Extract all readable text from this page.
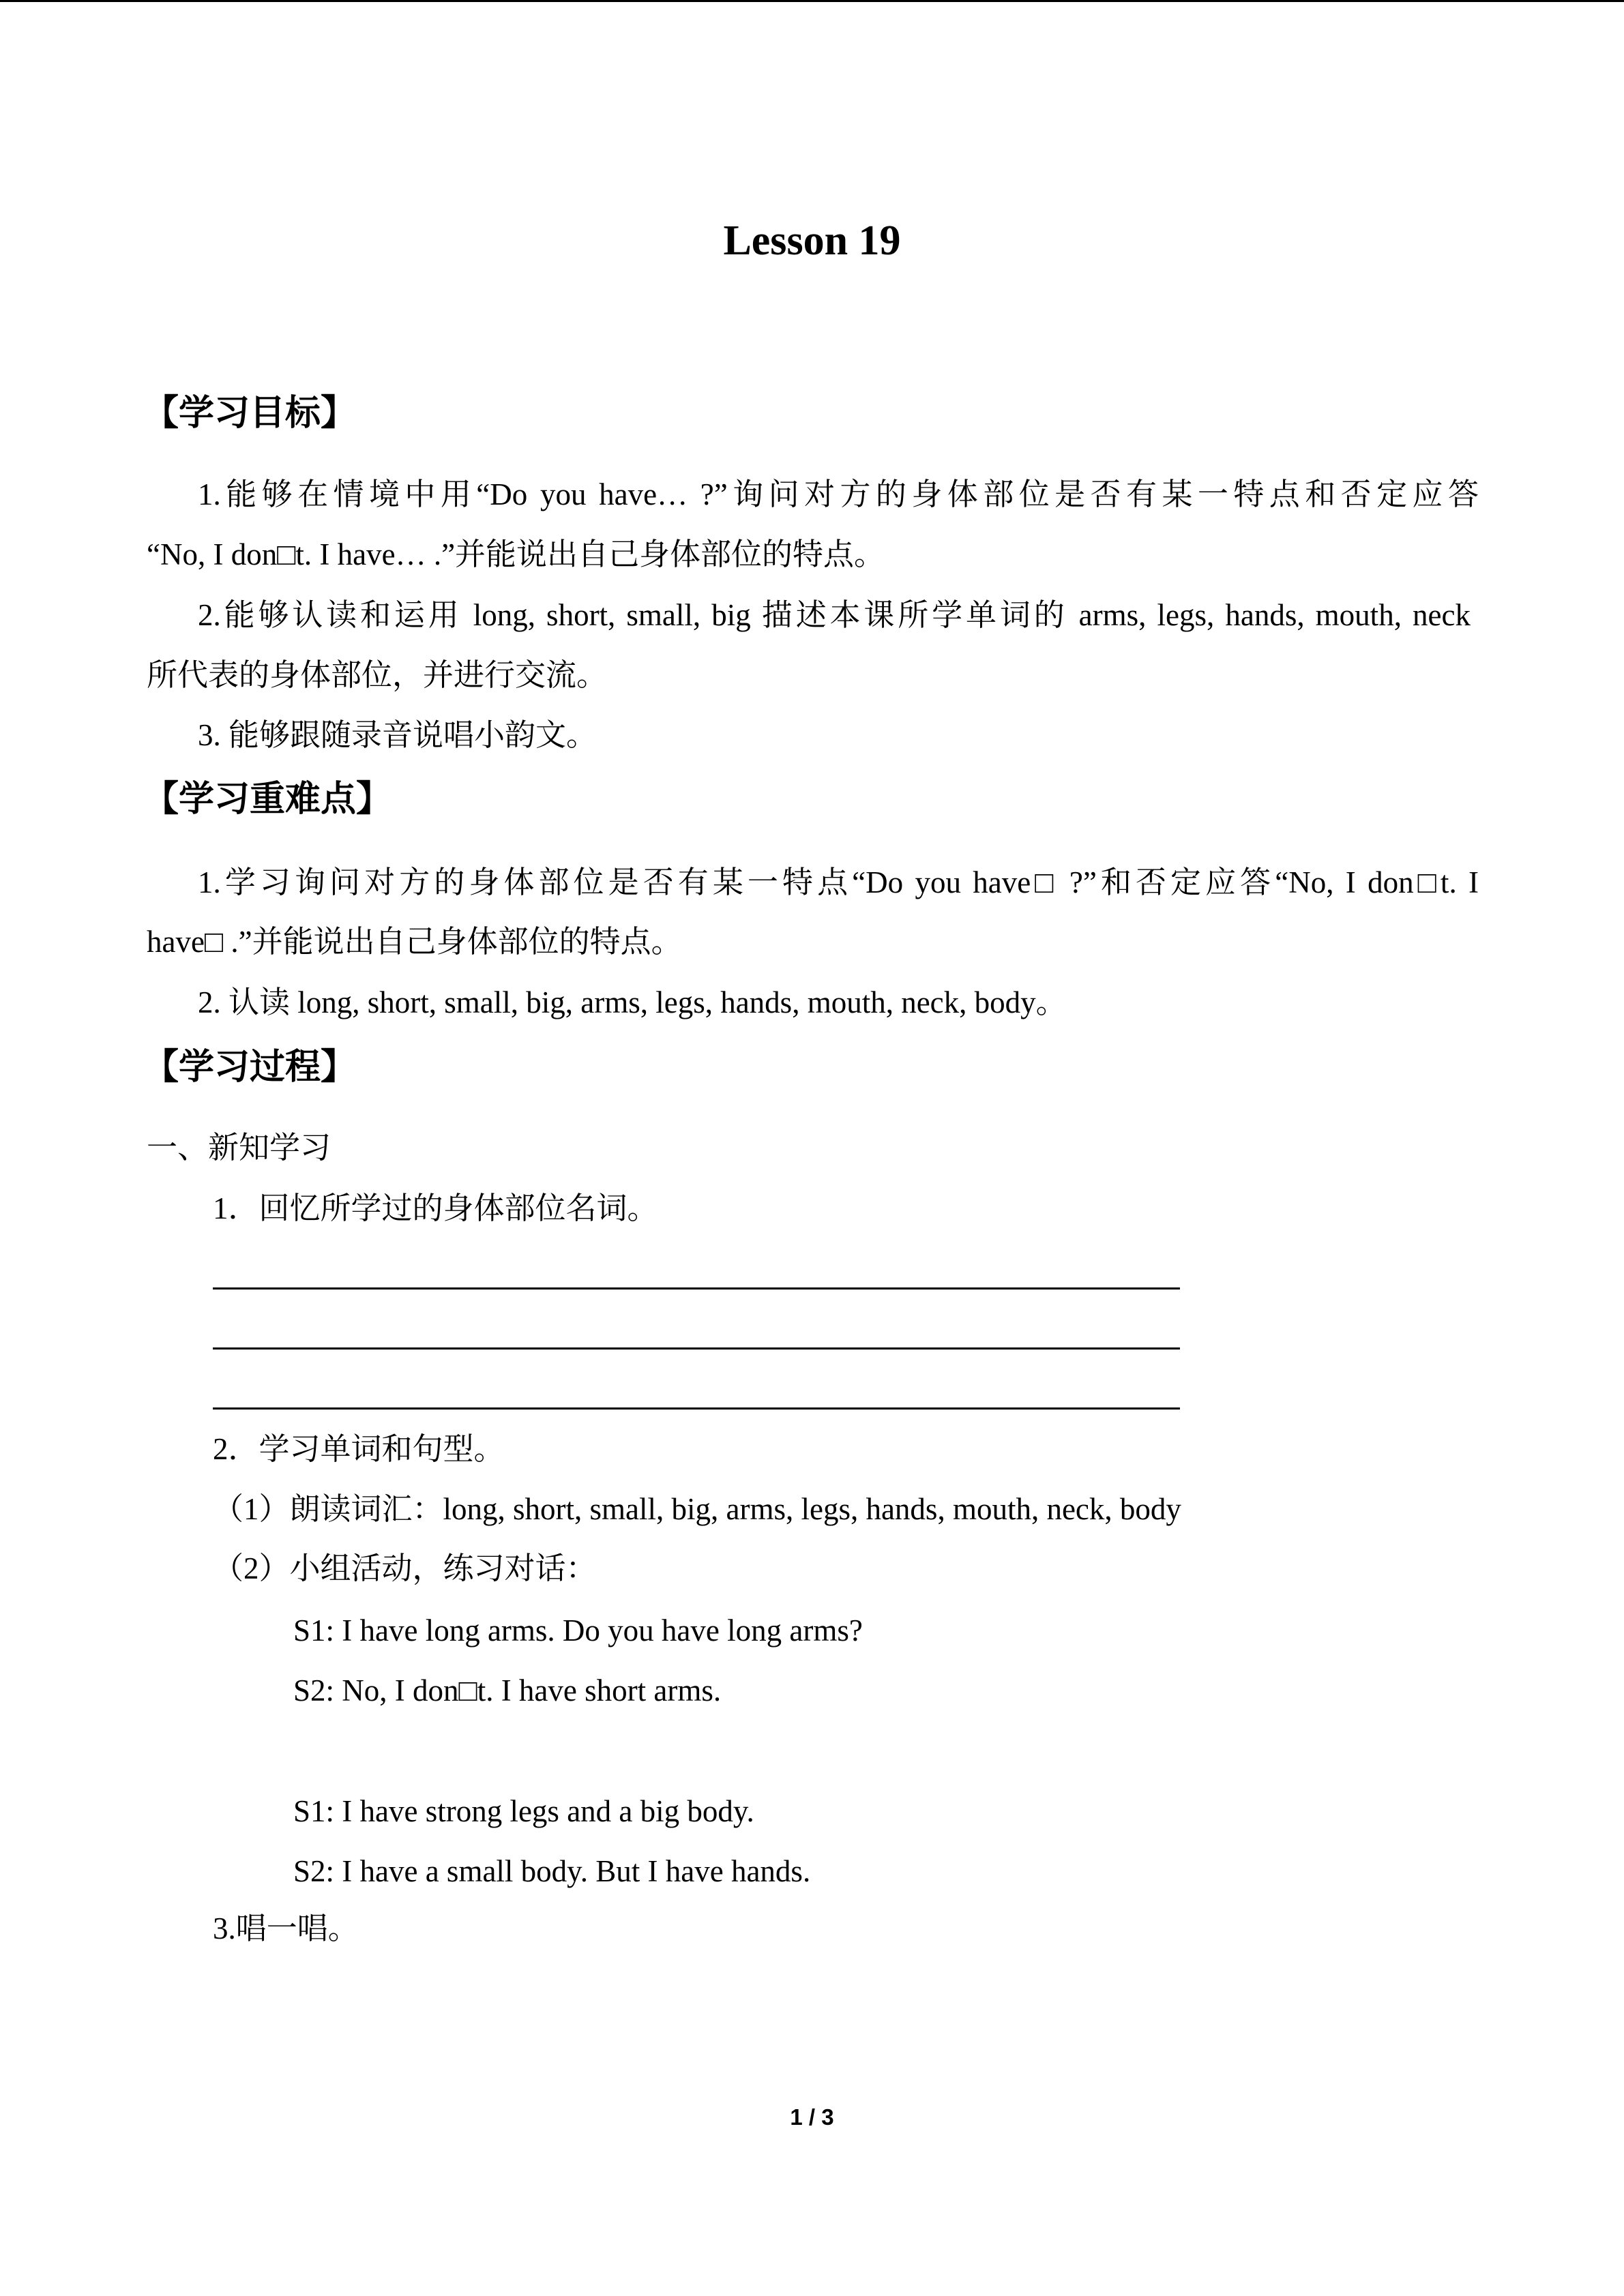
Lesson 19
【学习目标】
1.能够在情境中用“Do you have… ?”询问对方的身体部位是否有某一特点和否定应答
“No, I don□t. I have… .”并能说出自己身体部位的特点。
2.能够认读和运用 long, short, small, big 描述本课所学单词的 arms, legs, hands, mouth, neck
所代表的身体部位，并进行交流。
3. 能够跟随录音说唱小韵文。
【学习重难点】
1.学习询问对方的身体部位是否有某一特点“Do you have□ ?”和否定应答“No, I don□t. I
have□ .”并能说出自己身体部位的特点。
2. 认读 long, short, small, big, arms, legs, hands, mouth, neck, body。
【学习过程】
一、新知学习
1．回忆所学过的身体部位名词。
2．学习单词和句型。
（1）朗读词汇：long, short, small, big, arms, legs, hands, mouth, neck, body
（2）小组活动，练习对话：
S1: I have long arms. Do you have long arms?
S2: No, I don□t. I have short arms.
S1: I have strong legs and a big body.
S2: I have a small body. But I have hands.
3.唱一唱。
1 / 3
